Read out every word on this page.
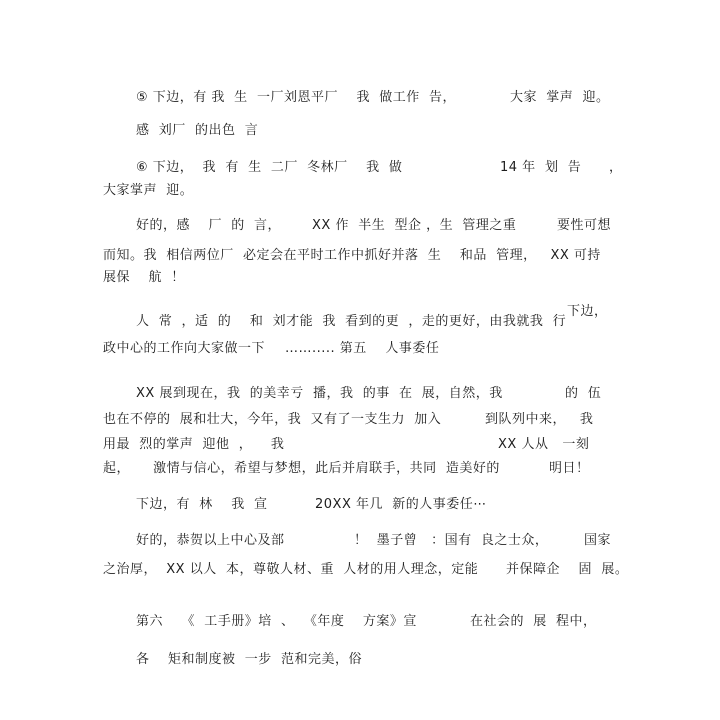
⑤ 下边，有 我  生  一厂刘恩平厂    我  做工作  告，	大家  掌声  迎。
感  刘厂  的出色  言
⑥ 下边，  我  有  生  二厂  冬林厂    我  做	14 年  划  告      ，
大家掌声  迎。
好的，感    厂  的  言， XX 作  半生  型企 ，生  管理之重	要性可想
而知。我  相信两位厂  必定会在平时工作中抓好并落  生    和品  管理，   XX 可持
展保    航  ！
下边，
人  常  ，适  的    和  刘才能  我  看到的更  ，走的更好，由我就我  行
政中心的工作向大家做一下 ……..... 第五    人事委任
XX 展到现在，我  的美幸亏  播，我  的事  在  展，自然，我	的  伍
也在不停的  展和壮大，今年，我  又有了一支生力  加入	到队列中来，   我
用最  烈的掌声  迎他  ，    我	XX 人从   一刻
起，     激情与信心，希望与梦想，此后并肩联手，共同  造美好的	明日！
下边，有  林    我  宣	20XX 年几  新的人事委任⋯
好的，恭贺以上中心及部	！  墨子曾   ：国有  良之士众，	国家
之治厚，  XX 以人  本，尊敬人材、重  人材的用人理念，定能      并保障企    固  展。
第六    《  工手册》培  、  《年度    方案》宣	在社会的  展  程中，
各    矩和制度被  一步  范和完美，俗
